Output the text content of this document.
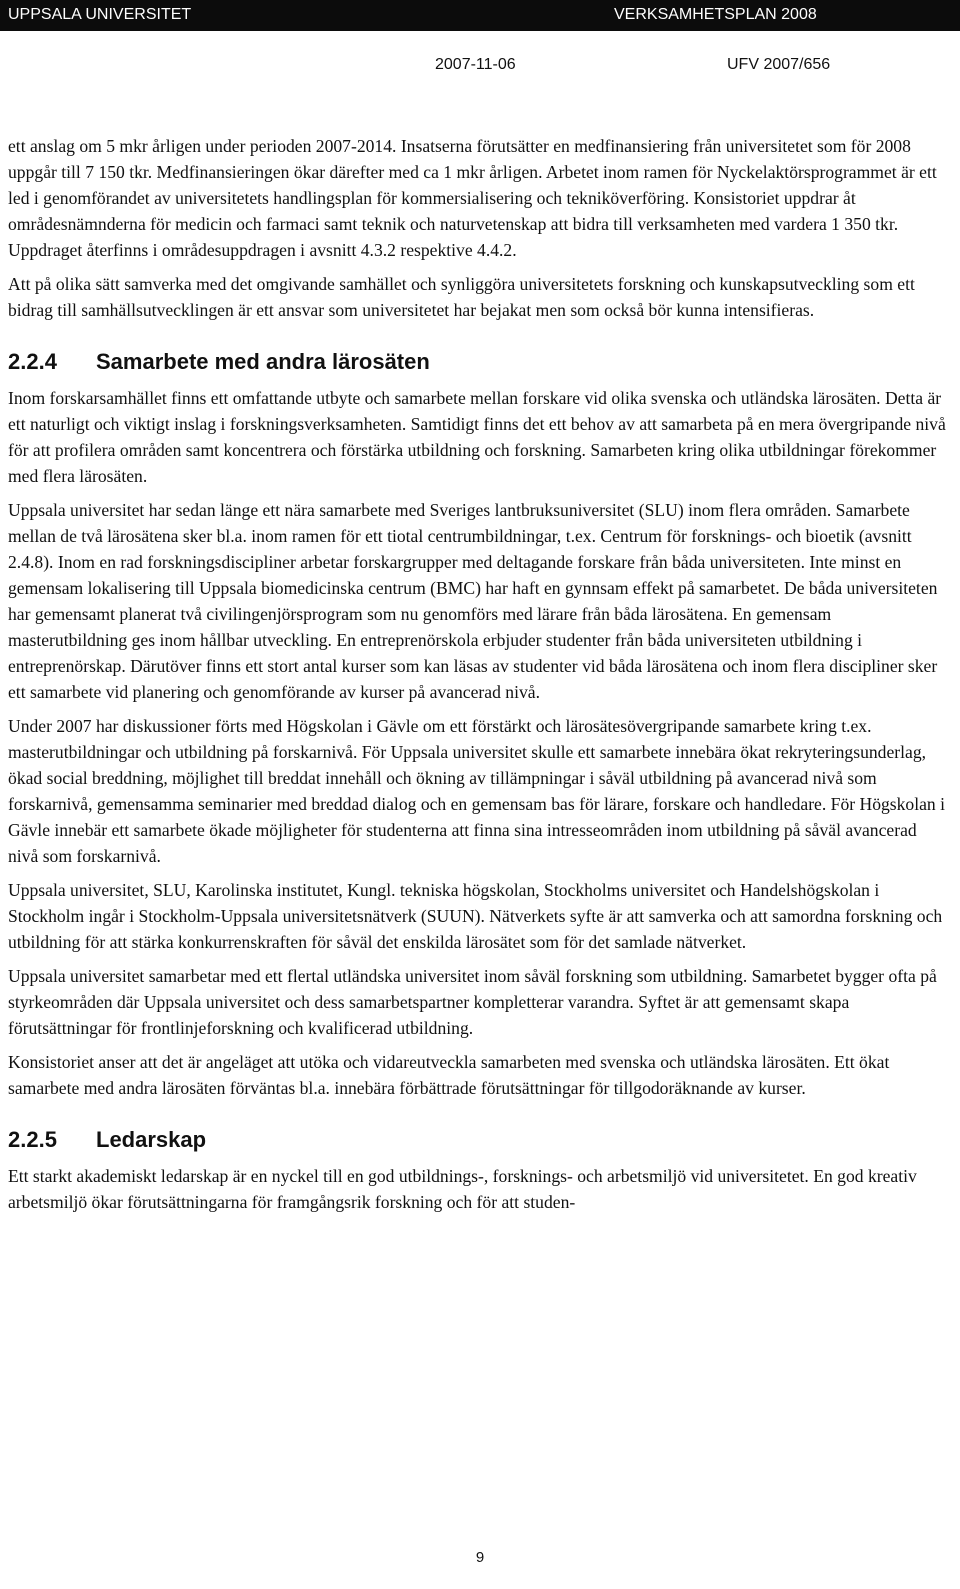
UPPSALA UNIVERSITET	VERKSAMHETSPLAN 2008
2007-11-06	UFV 2007/656

ett anslag om 5 mkr årligen under perioden 2007-2014. Insatserna förutsätter en medfinansiering från universitetet som för 2008 uppgår till 7 150 tkr. Medfinansieringen ökar därefter med ca 1 mkr årligen. Arbetet inom ramen för Nyckelaktörsprogrammet är ett led i genomförandet av universitetets handlingsplan för kommersialisering och tekniköverföring. Konsistoriet uppdrar åt områdesnämnderna för medicin och farmaci samt teknik och naturvetenskap att bidra till verksamheten med vardera 1 350 tkr. Uppdraget återfinns i områdesuppdragen i avsnitt 4.3.2 respektive 4.4.2.

Att på olika sätt samverka med det omgivande samhället och synliggöra universitetets forskning och kunskapsutveckling som ett bidrag till samhällsutvecklingen är ett ansvar som universitetet har bejakat men som också bör kunna intensifieras.

2.2.4 Samarbete med andra lärosäten

Inom forskarsamhället finns ett omfattande utbyte och samarbete mellan forskare vid olika svenska och utländska lärosäten. Detta är ett naturligt och viktigt inslag i forskningsverksamheten. Samtidigt finns det ett behov av att samarbeta på en mera övergripande nivå för att profilera områden samt koncentrera och förstärka utbildning och forskning. Samarbeten kring olika utbildningar förekommer med flera lärosäten.

Uppsala universitet har sedan länge ett nära samarbete med Sveriges lantbruksuniversitet (SLU) inom flera områden. Samarbete mellan de två lärosätena sker bl.a. inom ramen för ett tiotal centrumbildningar, t.ex. Centrum för forsknings- och bioetik (avsnitt 2.4.8). Inom en rad forskningsdiscipliner arbetar forskargrupper med deltagande forskare från båda universiteten. Inte minst en gemensam lokalisering till Uppsala biomedicinska centrum (BMC) har haft en gynnsam effekt på samarbetet. De båda universiteten har gemensamt planerat två civilingenjörsprogram som nu genomförs med lärare från båda lärosätena. En gemensam masterutbildning ges inom hållbar utveckling. En entreprenörskola erbjuder studenter från båda universiteten utbildning i entreprenörskap. Därutöver finns ett stort antal kurser som kan läsas av studenter vid båda lärosätena och inom flera discipliner sker ett samarbete vid planering och genomförande av kurser på avancerad nivå.

Under 2007 har diskussioner förts med Högskolan i Gävle om ett förstärkt och lärosätesövergripande samarbete kring t.ex. masterutbildningar och utbildning på forskarnivå. För Uppsala universitet skulle ett samarbete innebära ökat rekryteringsunderlag, ökad social breddning, möjlighet till breddat innehåll och ökning av tillämpningar i såväl utbildning på avancerad nivå som forskarnivå, gemensamma seminarier med breddad dialog och en gemensam bas för lärare, forskare och handledare. För Högskolan i Gävle innebär ett samarbete ökade möjligheter för studenterna att finna sina intresseområden inom utbildning på såväl avancerad nivå som forskarnivå.

Uppsala universitet, SLU, Karolinska institutet, Kungl. tekniska högskolan, Stockholms universitet och Handelshögskolan i Stockholm ingår i Stockholm-Uppsala universitetsnätverk (SUUN). Nätverkets syfte är att samverka och att samordna forskning och utbildning för att stärka konkurrenskraften för såväl det enskilda lärosätet som för det samlade nätverket.

Uppsala universitet samarbetar med ett flertal utländska universitet inom såväl forskning som utbildning. Samarbetet bygger ofta på styrkeområden där Uppsala universitet och dess samarbetspartner kompletterar varandra. Syftet är att gemensamt skapa förutsättningar för frontlinjeforskning och kvalificerad utbildning.

Konsistoriet anser att det är angeläget att utöka och vidareutveckla samarbeten med svenska och utländska lärosäten. Ett ökat samarbete med andra lärosäten förväntas bl.a. innebära förbättrade förutsättningar för tillgodoräknande av kurser.

2.2.5 Ledarskap

Ett starkt akademiskt ledarskap är en nyckel till en god utbildnings-, forsknings- och arbetsmiljö vid universitetet. En god kreativ arbetsmiljö ökar förutsättningarna för framgångsrik forskning och för att studen-

9
